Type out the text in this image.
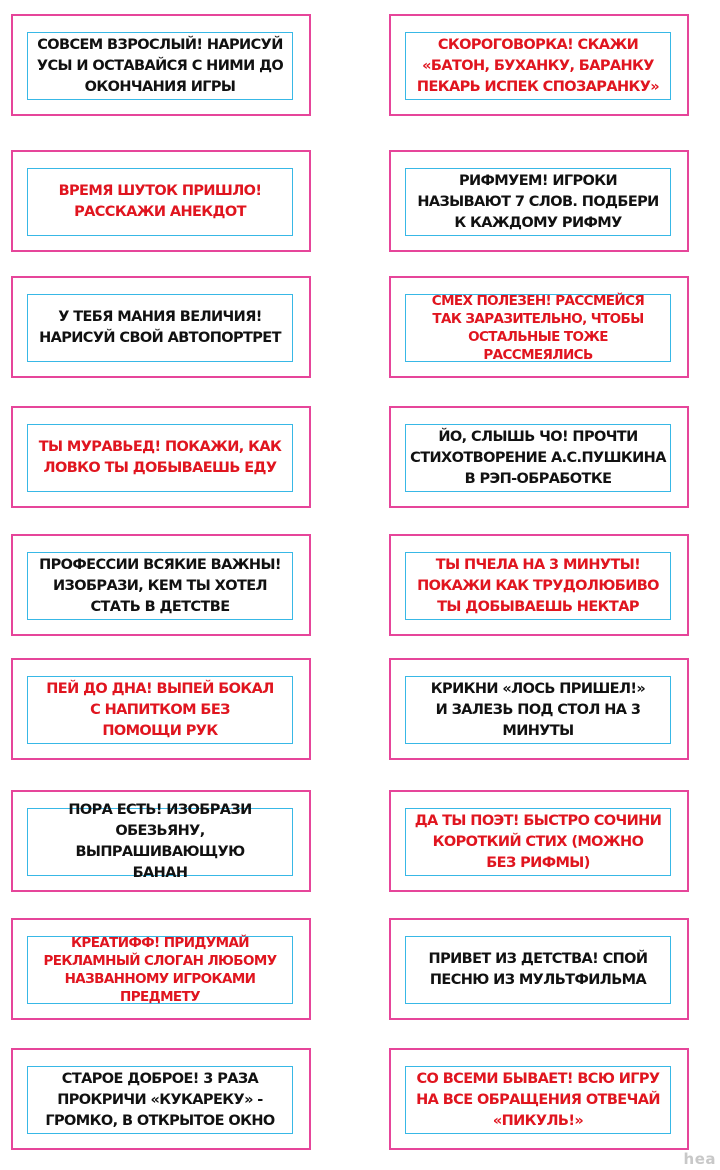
СОВСЕМ ВЗРОСЛЫЙ! НАРИСУЙ
УСЫ И ОСТАВАЙСЯ С НИМИ ДО
ОКОНЧАНИЯ ИГРЫ
СКОРОГОВОРКА! СКАЖИ
«БАТОН, БУХАНКУ, БАРАНКУ
ПЕКАРЬ ИСПЕК СПОЗАРАНКУ»
ВРЕМЯ ШУТОК ПРИШЛО!
РАССКАЖИ АНЕКДОТ
РИФМУЕМ! ИГРОКИ
НАЗЫВАЮТ 7 СЛОВ. ПОДБЕРИ
К КАЖДОМУ РИФМУ
У ТЕБЯ МАНИЯ ВЕЛИЧИЯ!
НАРИСУЙ СВОЙ АВТОПОРТРЕТ
СМЕХ ПОЛЕЗЕН! РАССМЕЙСЯ
ТАК ЗАРАЗИТЕЛЬНО, ЧТОБЫ
ОСТАЛЬНЫЕ ТОЖЕ
РАССМЕЯЛИСЬ
ТЫ МУРАВЬЕД! ПОКАЖИ, КАК
ЛОВКО ТЫ ДОБЫВАЕШЬ ЕДУ
ЙО, СЛЫШЬ ЧО! ПРОЧТИ
СТИХОТВОРЕНИЕ А.С.ПУШКИНА
В РЭП-ОБРАБОТКЕ
ПРОФЕССИИ ВСЯКИЕ ВАЖНЫ!
ИЗОБРАЗИ, КЕМ ТЫ ХОТЕЛ
СТАТЬ В ДЕТСТВЕ
ТЫ ПЧЕЛА НА 3 МИНУТЫ!
ПОКАЖИ КАК ТРУДОЛЮБИВО
ТЫ ДОБЫВАЕШЬ НЕКТАР
ПЕЙ ДО ДНА! ВЫПЕЙ БОКАЛ
С НАПИТКОМ БЕЗ
ПОМОЩИ РУК
КРИКНИ «ЛОСЬ ПРИШЕЛ!»
И ЗАЛЕЗЬ ПОД СТОЛ НА 3
МИНУТЫ
ПОРА ЕСТЬ! ИЗОБРАЗИ
ОБЕЗЬЯНУ, ВЫПРАШИВАЮЩУЮ
БАНАН
ДА ТЫ ПОЭТ! БЫСТРО СОЧИНИ
КОРОТКИЙ СТИХ (МОЖНО
БЕЗ РИФМЫ)
КРЕАТИФФ! ПРИДУМАЙ
РЕКЛАМНЫЙ СЛОГАН ЛЮБОМУ
НАЗВАННОМУ ИГРОКАМИ
ПРЕДМЕТУ
ПРИВЕТ ИЗ ДЕТСТВА! СПОЙ
ПЕСНЮ ИЗ МУЛЬТФИЛЬМА
СТАРОЕ ДОБРОЕ! 3 РАЗА
ПРОКРИЧИ «КУКАРЕКУ» -
ГРОМКО, В ОТКРЫТОЕ ОКНО
СО ВСЕМИ БЫВАЕТ! ВСЮ ИГРУ
НА ВСЕ ОБРАЩЕНИЯ ОТВЕЧАЙ
«ПИКУЛЬ!»
hea
